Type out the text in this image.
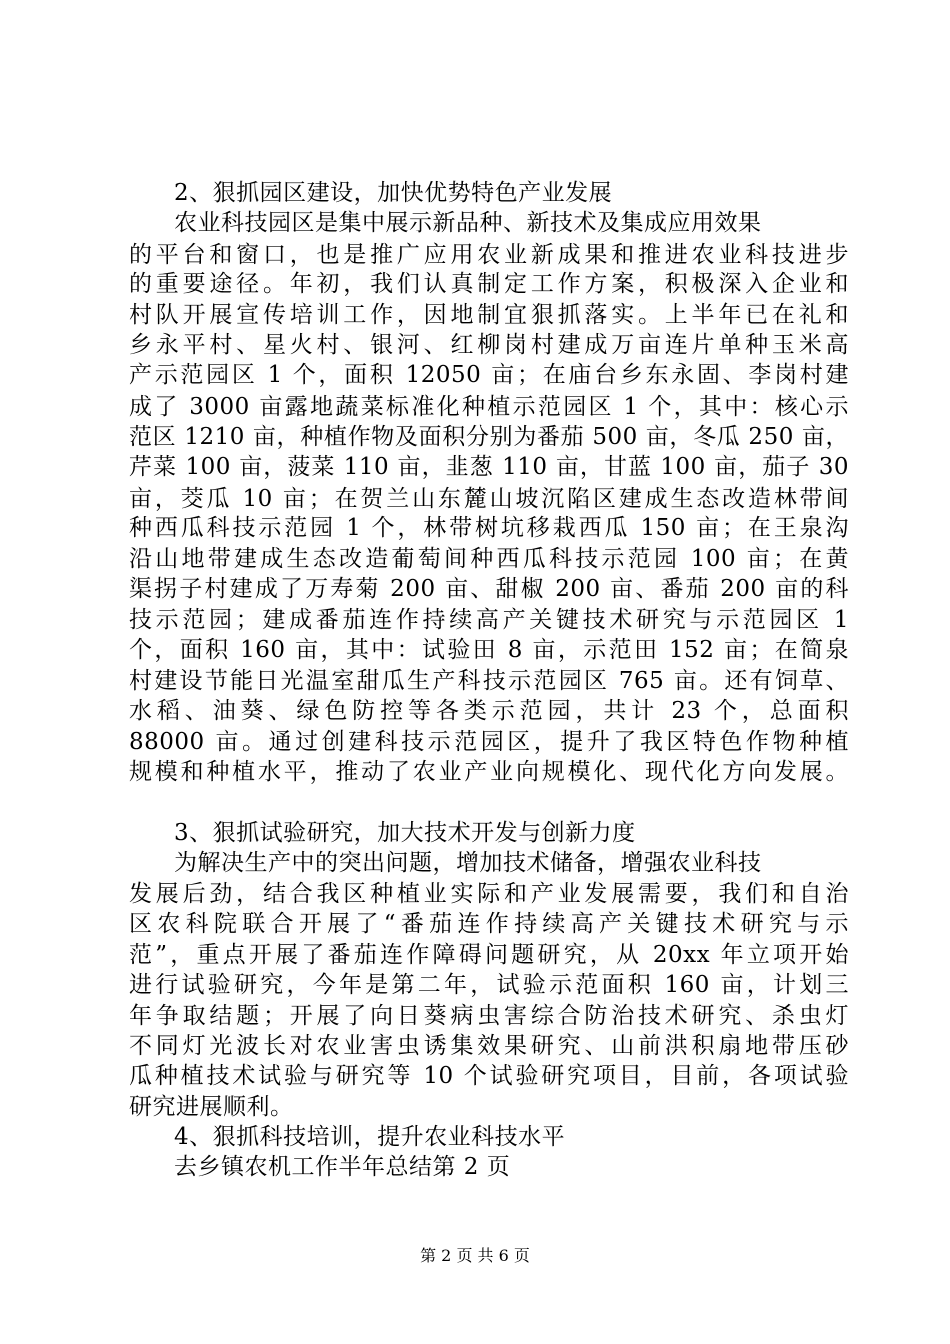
2、狠抓园区建设，加快优势特色产业发展
农业科技园区是集中展示新品种、新技术及集成应用效果
的平台和窗口，也是推广应用农业新成果和推进农业科技进步
的重要途径。年初，我们认真制定工作方案，积极深入企业和
村队开展宣传培训工作，因地制宜狠抓落实。上半年已在礼和
乡永平村、星火村、银河、红柳岗村建成万亩连片单种玉米高
产示范园区 1 个，面积 12050 亩；在庙台乡东永固、李岗村建
成了 3000 亩露地蔬菜标准化种植示范园区 1 个，其中：核心示
范区 1210 亩，种植作物及面积分别为番茄 500 亩，冬瓜 250 亩，
芹菜 100 亩，菠菜 110 亩，韭葱 110 亩，甘蓝 100 亩，茄子 30
亩，茭瓜 10 亩；在贺兰山东麓山坡沉陷区建成生态改造林带间
种西瓜科技示范园 1 个，林带树坑移栽西瓜 150 亩；在王泉沟
沿山地带建成生态改造葡萄间种西瓜科技示范园 100 亩；在黄
渠拐子村建成了万寿菊 200 亩、甜椒 200 亩、番茄 200 亩的科
技示范园；建成番茄连作持续高产关键技术研究与示范园区 1
个，面积 160 亩，其中：试验田 8 亩，示范田 152 亩；在简泉
村建设节能日光温室甜瓜生产科技示范园区 765 亩。还有饲草、
水稻、油葵、绿色防控等各类示范园，共计 23 个，总面积
88000 亩。通过创建科技示范园区，提升了我区特色作物种植
规模和种植水平，推动了农业产业向规模化、现代化方向发展。
3、狠抓试验研究，加大技术开发与创新力度
为解决生产中的突出问题，增加技术储备，增强农业科技
发展后劲，结合我区种植业实际和产业发展需要，我们和自治
区农科院联合开展了“番茄连作持续高产关键技术研究与示
范”，重点开展了番茄连作障碍问题研究，从 20xx 年立项开始
进行试验研究，今年是第二年，试验示范面积 160 亩，计划三
年争取结题；开展了向日葵病虫害综合防治技术研究、杀虫灯
不同灯光波长对农业害虫诱集效果研究、山前洪积扇地带压砂
瓜种植技术试验与研究等 10 个试验研究项目，目前，各项试验
研究进展顺利。
4、狠抓科技培训，提升农业科技水平
去乡镇农机工作半年总结第 2 页
第 2 页 共 6 页
